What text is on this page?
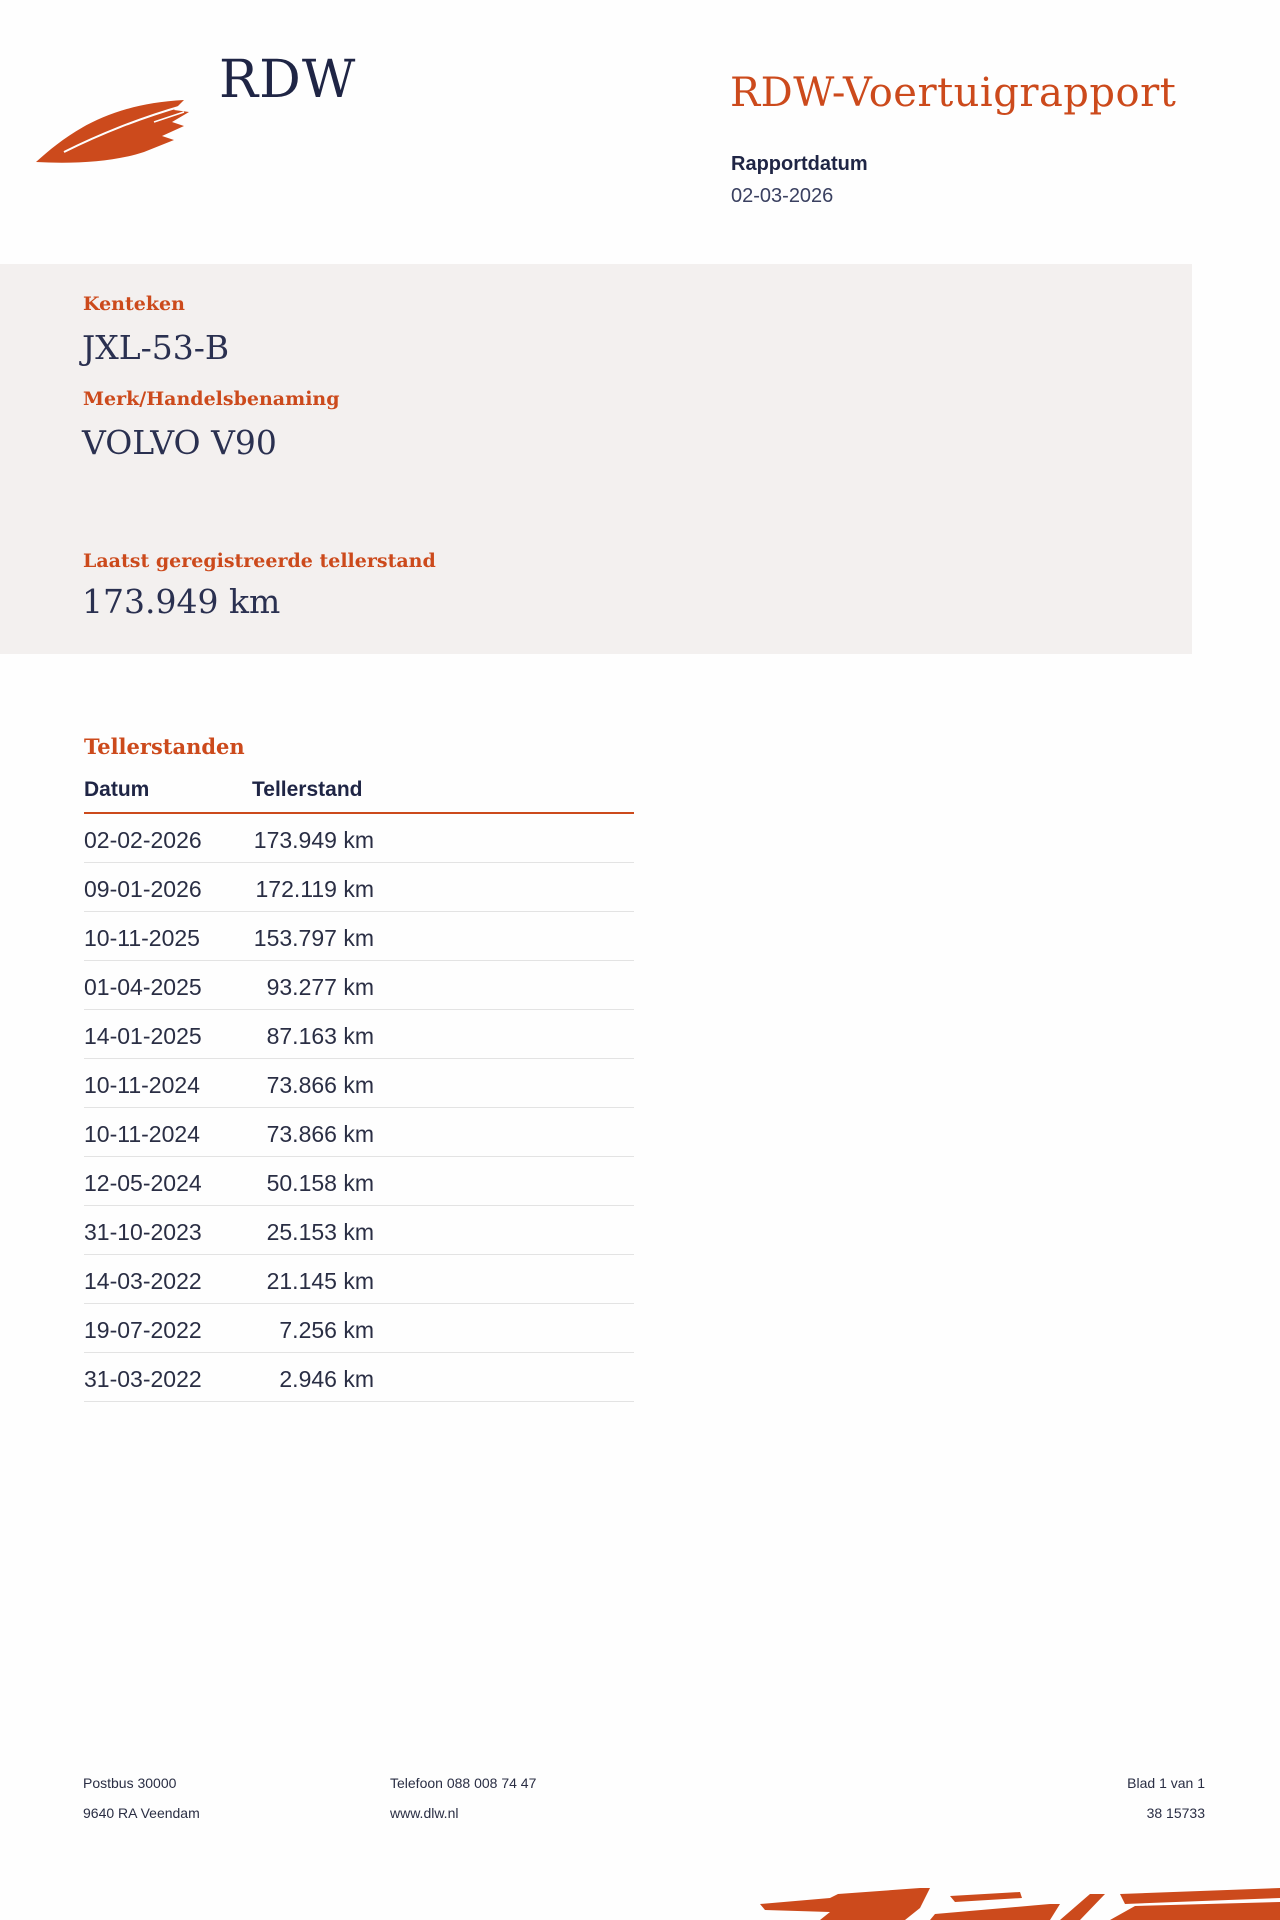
RDW	RDW-Voertuigrapport
Rapportdatum
02-03-2026
Kenteken
JXL-53-B
Merk/Handelsbenaming
VOLVO V90
Laatst geregistreerde tellerstand
173.949 km
Tellerstanden
Datum	Tellerstand
02-02-2026 173.949 km
09-01-2026 172.119 km
10-11-2025 153.797 km
01-04-2025	93.277 km
14-01-2025	87.163 km
10-11-2024	73.866 km
10-11-2024	73.866 km
12-05-2024	50.158 km
31-10-2023	25.153 km
14-03-2022	21.145 km
19-07-2022	7.256 km
31-03-2022	2.946 km
Postbus 30000
9640 RA Veendam
Telefoon 088 008 74 47
www.dlw.nl
Blad 1 van 1
38 15733
